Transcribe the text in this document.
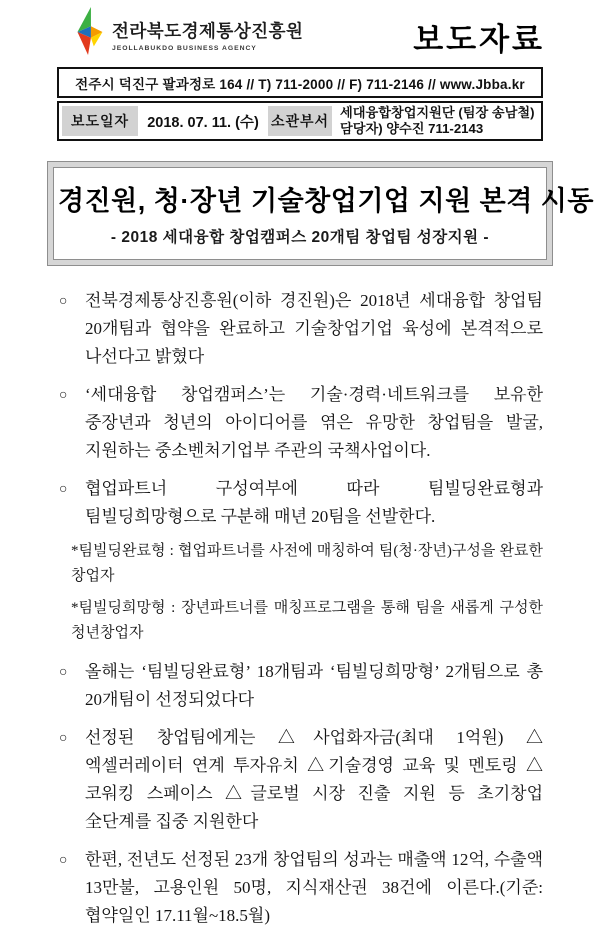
전라북도경제통상진흥원
JEOLLABUKDO BUSINESS AGENCY	보도자료
전주시 덕진구 팔과정로 164 // T) 711-2000 // F) 711-2146 // www.Jbba.kr
보도일자	2018. 07. 11. (수) 소관부서
세대융합창업지원단 (팀장 송남철)
담당자) 양수진 711-2143
경진원, 청·장년 기술창업기업 지원 본격 시동
- 2018 세대융합 창업캠퍼스 20개팀 창업팀 성장지원 -
○ 전북경제통상진흥원(이하 경진원)은 2018년 세대융합 창업팀 20개팀과 협약을 완료하고 기술창업기업 육성에 본격적으로 나선다고 밝혔다
○ ‘세대융합 창업캠퍼스’는 기술·경력·네트워크를 보유한 중장년과 청년의 아이디어를 엮은 유망한 창업팀을 발굴, 지원하는 중소벤처기업부 주관의 국책사업이다.
○ 협업파트너 구성여부에 따라 팀빌딩완료형과 팀빌딩희망형으로 구분해 매년 20팀을 선발한다.
*팀빌딩완료형 : 협업파트너를 사전에 매칭하여 팀(청·장년)구성을 완료한 창업자
*팀빌딩희망형 : 장년파트너를 매칭프로그램을 통해 팀을 새롭게 구성한 청년창업자
○ 올해는 ‘팀빌딩완료형’ 18개팀과 ‘팀빌딩희망형’ 2개팀으로 총 20개팀이 선정되었다다
○ 선정된 창업팀에게는 △사업화자금(최대 1억원) △엑셀러레이터 연계 투자유치 △기술경영 교육 및 멘토링 △코워킹 스페이스 △글로벌 시장 진출 지원 등 초기창업 全단계를 집중 지원한다
○ 한편, 전년도 선정된 23개 창업팀의 성과는 매출액 12억, 수출액 13만불, 고용인원 50명, 지식재산권 38건에 이른다.(기준: 협약일인 17.11월~18.5월)
